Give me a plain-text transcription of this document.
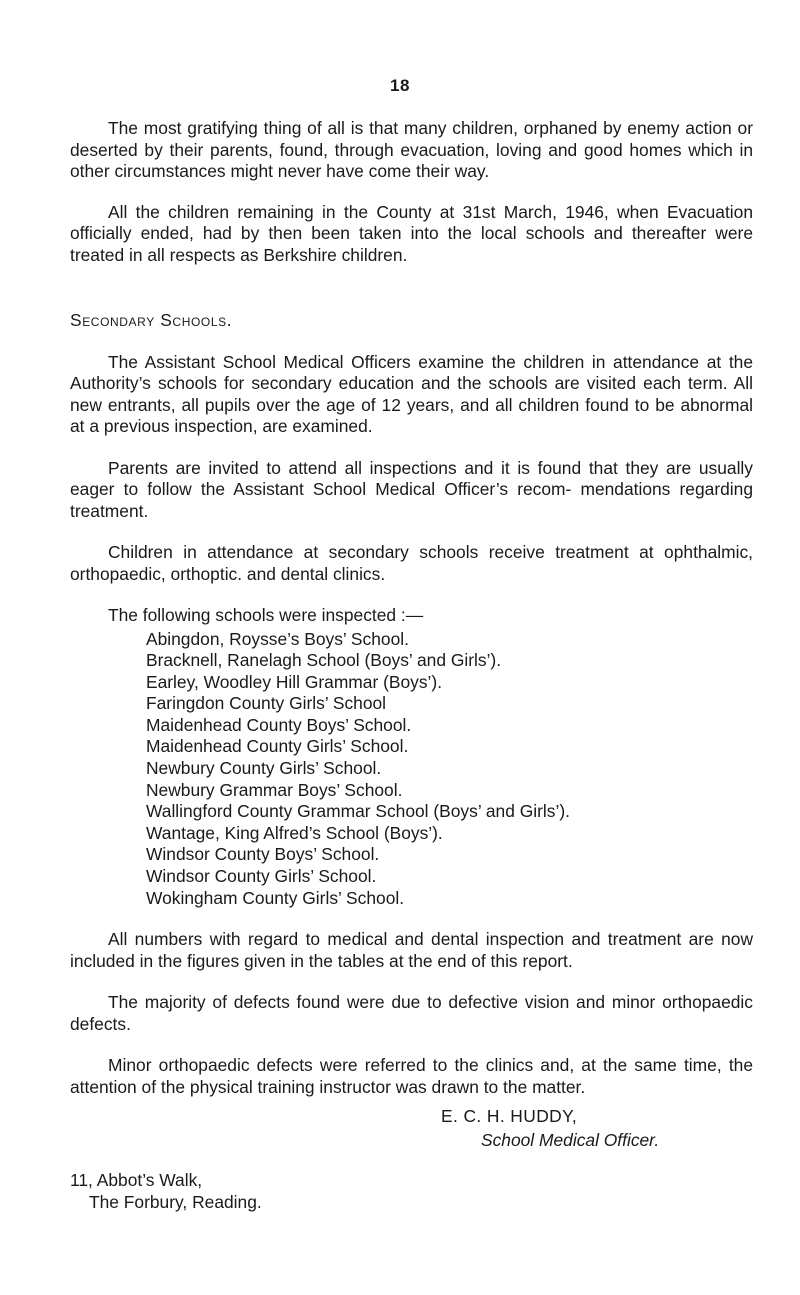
18

The most gratifying thing of all is that many children, orphaned by enemy action or deserted by their parents, found, through evacuation, loving and good homes which in other circumstances might never have come their way.

All the children remaining in the County at 31st March, 1946, when Evacuation officially ended, had by then been taken into the local schools and thereafter were treated in all respects as Berkshire children.

Secondary Schools.

The Assistant School Medical Officers examine the children in attendance at the Authority’s schools for secondary education and the schools are visited each term. All new entrants, all pupils over the age of 12 years, and all children found to be abnormal at a previous inspection, are examined.

Parents are invited to attend all inspections and it is found that they are usually eager to follow the Assistant School Medical Officer’s recom- mendations regarding treatment.

Children in attendance at secondary schools receive treatment at ophthalmic, orthopaedic, orthoptic. and dental clinics.

The following schools were inspected :—

Abingdon, Roysse’s Boys’ School.
Bracknell, Ranelagh School (Boys’ and Girls’).
Earley, Woodley Hill Grammar (Boys’).
Faringdon County Girls’ School
Maidenhead County Boys’ School.
Maidenhead County Girls’ School.
Newbury County Girls’ School.
Newbury Grammar Boys’ School.
Wallingford County Grammar School (Boys’ and Girls’).
Wantage, King Alfred’s School (Boys’).
Windsor County Boys’ School.
Windsor County Girls’ School.
Wokingham County Girls’ School.

All numbers with regard to medical and dental inspection and treatment are now included in the figures given in the tables at the end of this report.

The majority of defects found were due to defective vision and minor orthopaedic defects.

Minor orthopaedic defects were referred to the clinics and, at the same time, the attention of the physical training instructor was drawn to the matter.

E. C. H. HUDDY,
School Medical Officer.
11, Abbot’s Walk,
The Forbury, Reading.
